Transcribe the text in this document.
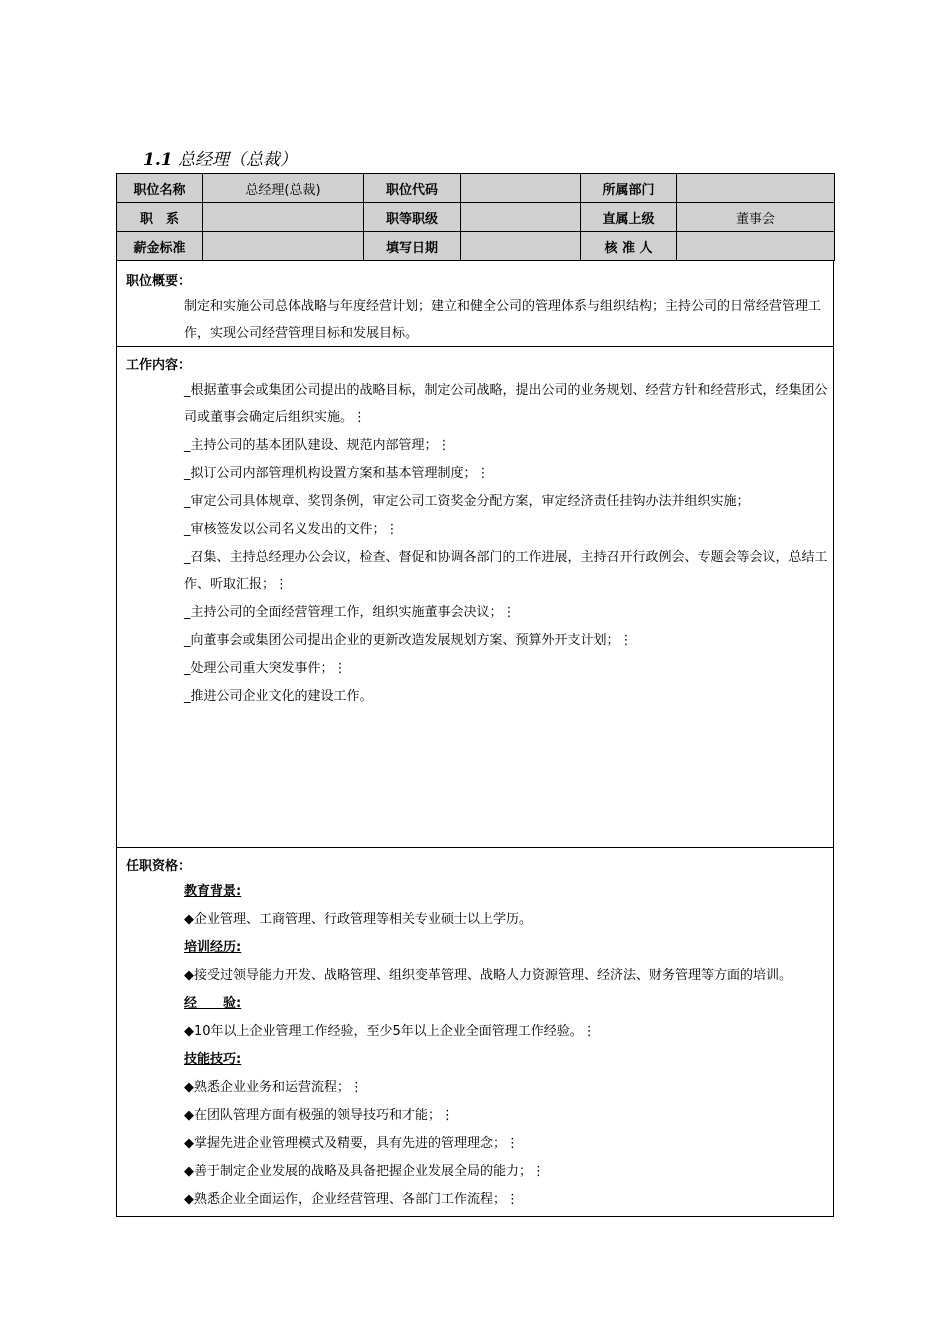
1.1 总经理（总裁）
职位名称	总经理(总裁)	职位代码		所属部门	
职　系		职等职级		直属上级	董事会
薪金标准		填写日期		核 准 人	
职位概要：
制定和实施公司总体战略与年度经营计划；建立和健全公司的管理体系与组织结构；主持公司的日常经营管理工作，实现公司经营管理目标和发展目标。
工作内容：
_根据董事会或集团公司提出的战略目标，制定公司战略，提出公司的业务规划、经营方针和经营形式，经集团公司或董事会确定后组织实施。⋮
_主持公司的基本团队建设、规范内部管理；⋮
_拟订公司内部管理机构设置方案和基本管理制度；⋮
_审定公司具体规章、奖罚条例，审定公司工资奖金分配方案，审定经济责任挂钩办法并组织实施；
_审核签发以公司名义发出的文件；⋮
_召集、主持总经理办公会议，检查、督促和协调各部门的工作进展，主持召开行政例会、专题会等会议，总结工作、听取汇报；⋮
_主持公司的全面经营管理工作，组织实施董事会决议；⋮
_向董事会或集团公司提出企业的更新改造发展规划方案、预算外开支计划；⋮
_处理公司重大突发事件；⋮
_推进公司企业文化的建设工作。
任职资格：
教育背景:
◆企业管理、工商管理、行政管理等相关专业硕士以上学历。
培训经历:
◆接受过领导能力开发、战略管理、组织变革管理、战略人力资源管理、经济法、财务管理等方面的培训。
经　　验:
◆10年以上企业管理工作经验，至少5年以上企业全面管理工作经验。⋮
技能技巧:
◆熟悉企业业务和运营流程；⋮
◆在团队管理方面有极强的领导技巧和才能；⋮
◆掌握先进企业管理模式及精要，具有先进的管理理念；⋮
◆善于制定企业发展的战略及具备把握企业发展全局的能力；⋮
◆熟悉企业全面运作，企业经营管理、各部门工作流程；⋮
